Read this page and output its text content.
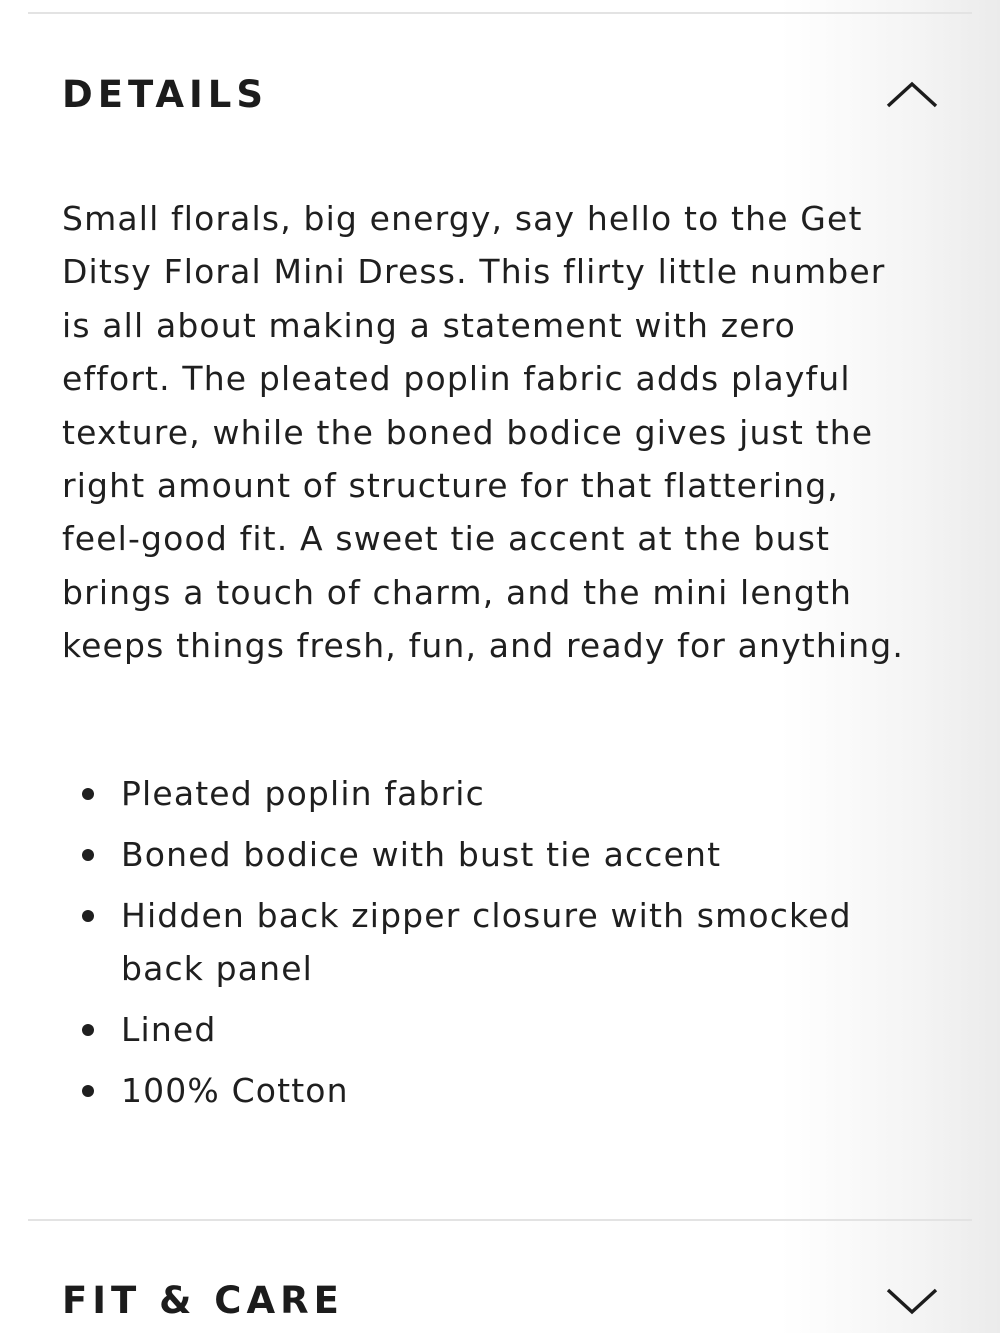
DETAILS

Small florals, big energy, say hello to the Get Ditsy Floral Mini Dress. This flirty little number is all about making a statement with zero effort. The pleated poplin fabric adds playful texture, while the boned bodice gives just the right amount of structure for that flattering, feel-good fit. A sweet tie accent at the bust brings a touch of charm, and the mini length keeps things fresh, fun, and ready for anything.

Pleated poplin fabric
Boned bodice with bust tie accent
Hidden back zipper closure with smocked back panel
Lined
100% Cotton
FIT & CARE
